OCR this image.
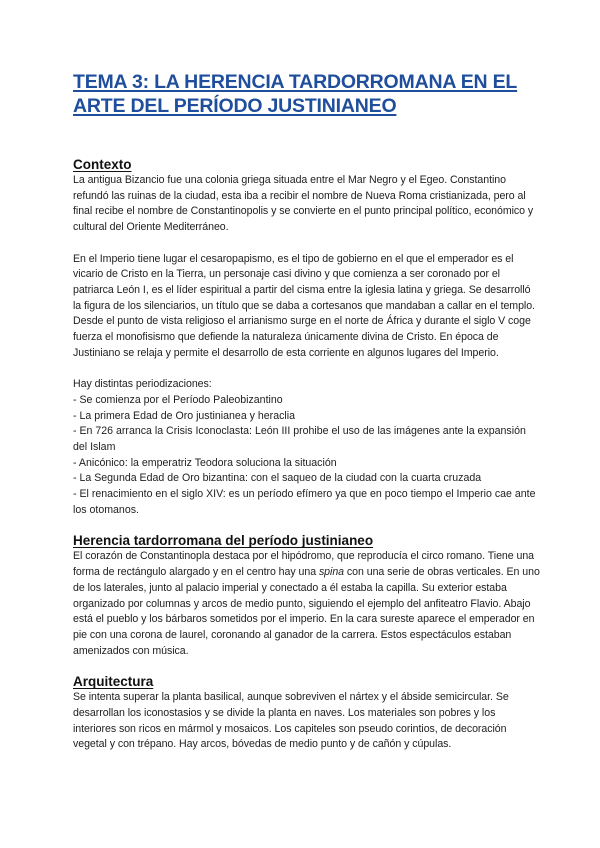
TEMA 3: LA HERENCIA TARDORROMANA EN EL ARTE DEL PERÍODO JUSTINIANEO
Contexto

La antigua Bizancio fue una colonia griega situada entre el Mar Negro y el Egeo. Constantino refundó las ruinas de la ciudad, esta iba a recibir el nombre de Nueva Roma cristianizada, pero al final recibe el nombre de Constantinopolis y se convierte en el punto principal político, económico y cultural del Oriente Mediterráneo.

En el Imperio tiene lugar el cesaropapismo, es el tipo de gobierno en el que el emperador es el vicario de Cristo en la Tierra, un personaje casi divino y que comienza a ser coronado por el patriarca León I, es el líder espiritual a partir del cisma entre la iglesia latina y griega. Se desarrolló la figura de los silenciarios, un título que se daba a cortesanos que mandaban a callar en el templo. Desde el punto de vista religioso el arrianismo surge en el norte de África y durante el siglo V coge fuerza el monofisismo que defiende la naturaleza únicamente divina de Cristo. En época de Justiniano se relaja y permite el desarrollo de esta corriente en algunos lugares del Imperio.

Hay distintas periodizaciones:

- Se comienza por el Período Paleobizantino
- La primera Edad de Oro justinianea y heraclia
- En 726 arranca la Crisis Iconoclasta: León III prohibe el uso de las imágenes ante la expansión del Islam
- Anicónico: la emperatriz Teodora soluciona la situación
- La Segunda Edad de Oro bizantina: con el saqueo de la ciudad con la cuarta cruzada
- El renacimiento en el siglo XIV: es un período efímero ya que en poco tiempo el Imperio cae ante los otomanos.
Herencia tardorromana del período justinianeo

El corazón de Constantinopla destaca por el hipódromo, que reproducía el circo romano. Tiene una forma de rectángulo alargado y en el centro hay una spina con una serie de obras verticales. En uno de los laterales, junto al palacio imperial y conectado a él estaba la capilla. Su exterior estaba organizado por columnas y arcos de medio punto, siguiendo el ejemplo del anfiteatro Flavio. Abajo está el pueblo y los bárbaros sometidos por el imperio. En la cara sureste aparece el emperador en pie con una corona de laurel, coronando al ganador de la carrera. Estos espectáculos estaban amenizados con música.

Arquitectura

Se intenta superar la planta basilical, aunque sobreviven el nártex y el ábside semicircular. Se desarrollan los iconostasios y se divide la planta en naves. Los materiales son pobres y los interiores son ricos en mármol y mosaicos. Los capiteles son pseudo corintios, de decoración vegetal y con trépano. Hay arcos, bóvedas de medio punto y de cañón y cúpulas.
